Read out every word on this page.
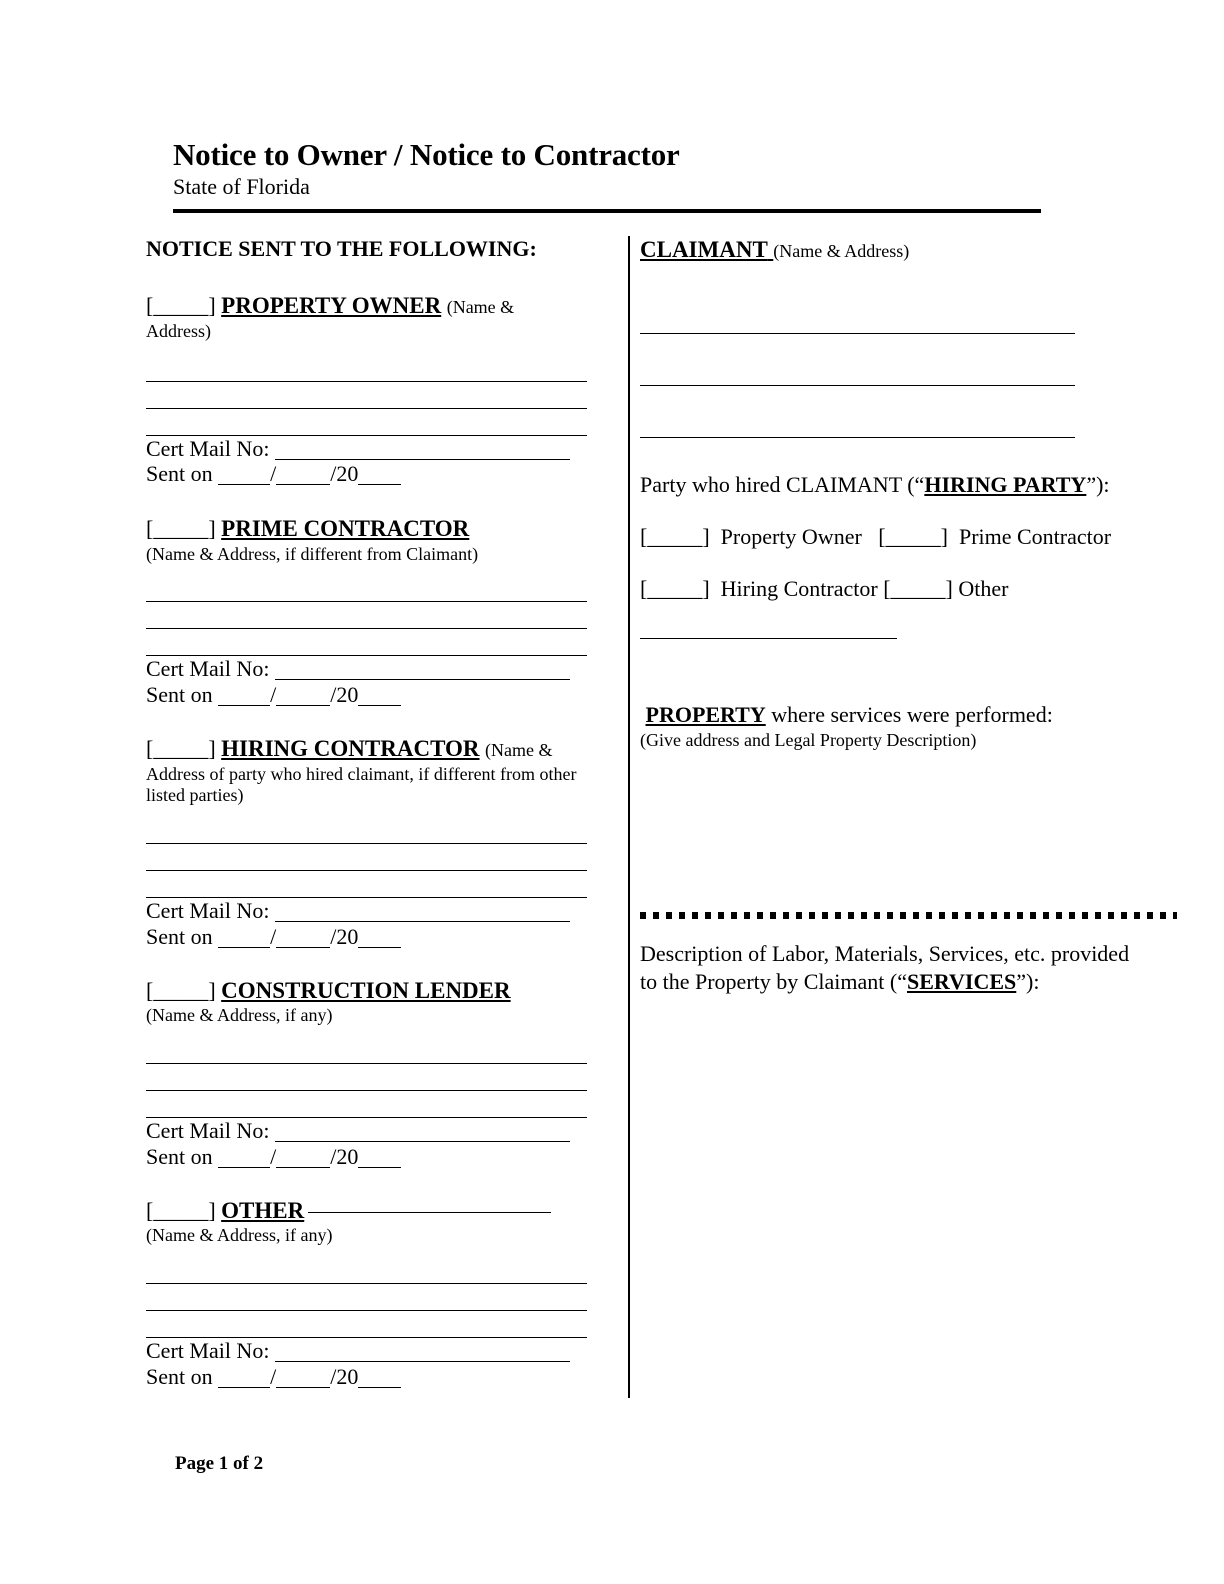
Notice to Owner / Notice to Contractor
State of Florida
NOTICE SENT TO THE FOLLOWING:
[_____] PROPERTY OWNER (Name &
Address)
Cert Mail No:
Sent on	/ /20
[_____] PRIME CONTRACTOR
(Name & Address, if different from Claimant)
Cert Mail No:
Sent on	/ /20
[_____] HIRING CONTRACTOR (Name &
Address of party who hired claimant, if different from other listed parties)
Cert Mail No:
Sent on	/ /20
[_____] CONSTRUCTION LENDER
(Name & Address, if any)
Cert Mail No:
Sent on	/ /20
[_____] OTHER
(Name & Address, if any)
Cert Mail No:
Sent on	/ /20
CLAIMANT (Name & Address)
Party who hired CLAIMANT (“HIRING PARTY”):
[_____] Property Owner [_____] Prime Contractor
[_____] Hiring Contractor [_____] Other
PROPERTY where services were performed:
(Give address and Legal Property Description)
Description of Labor, Materials, Services, etc. provided
to the Property by Claimant (“SERVICES”):
Page 1 of 2
